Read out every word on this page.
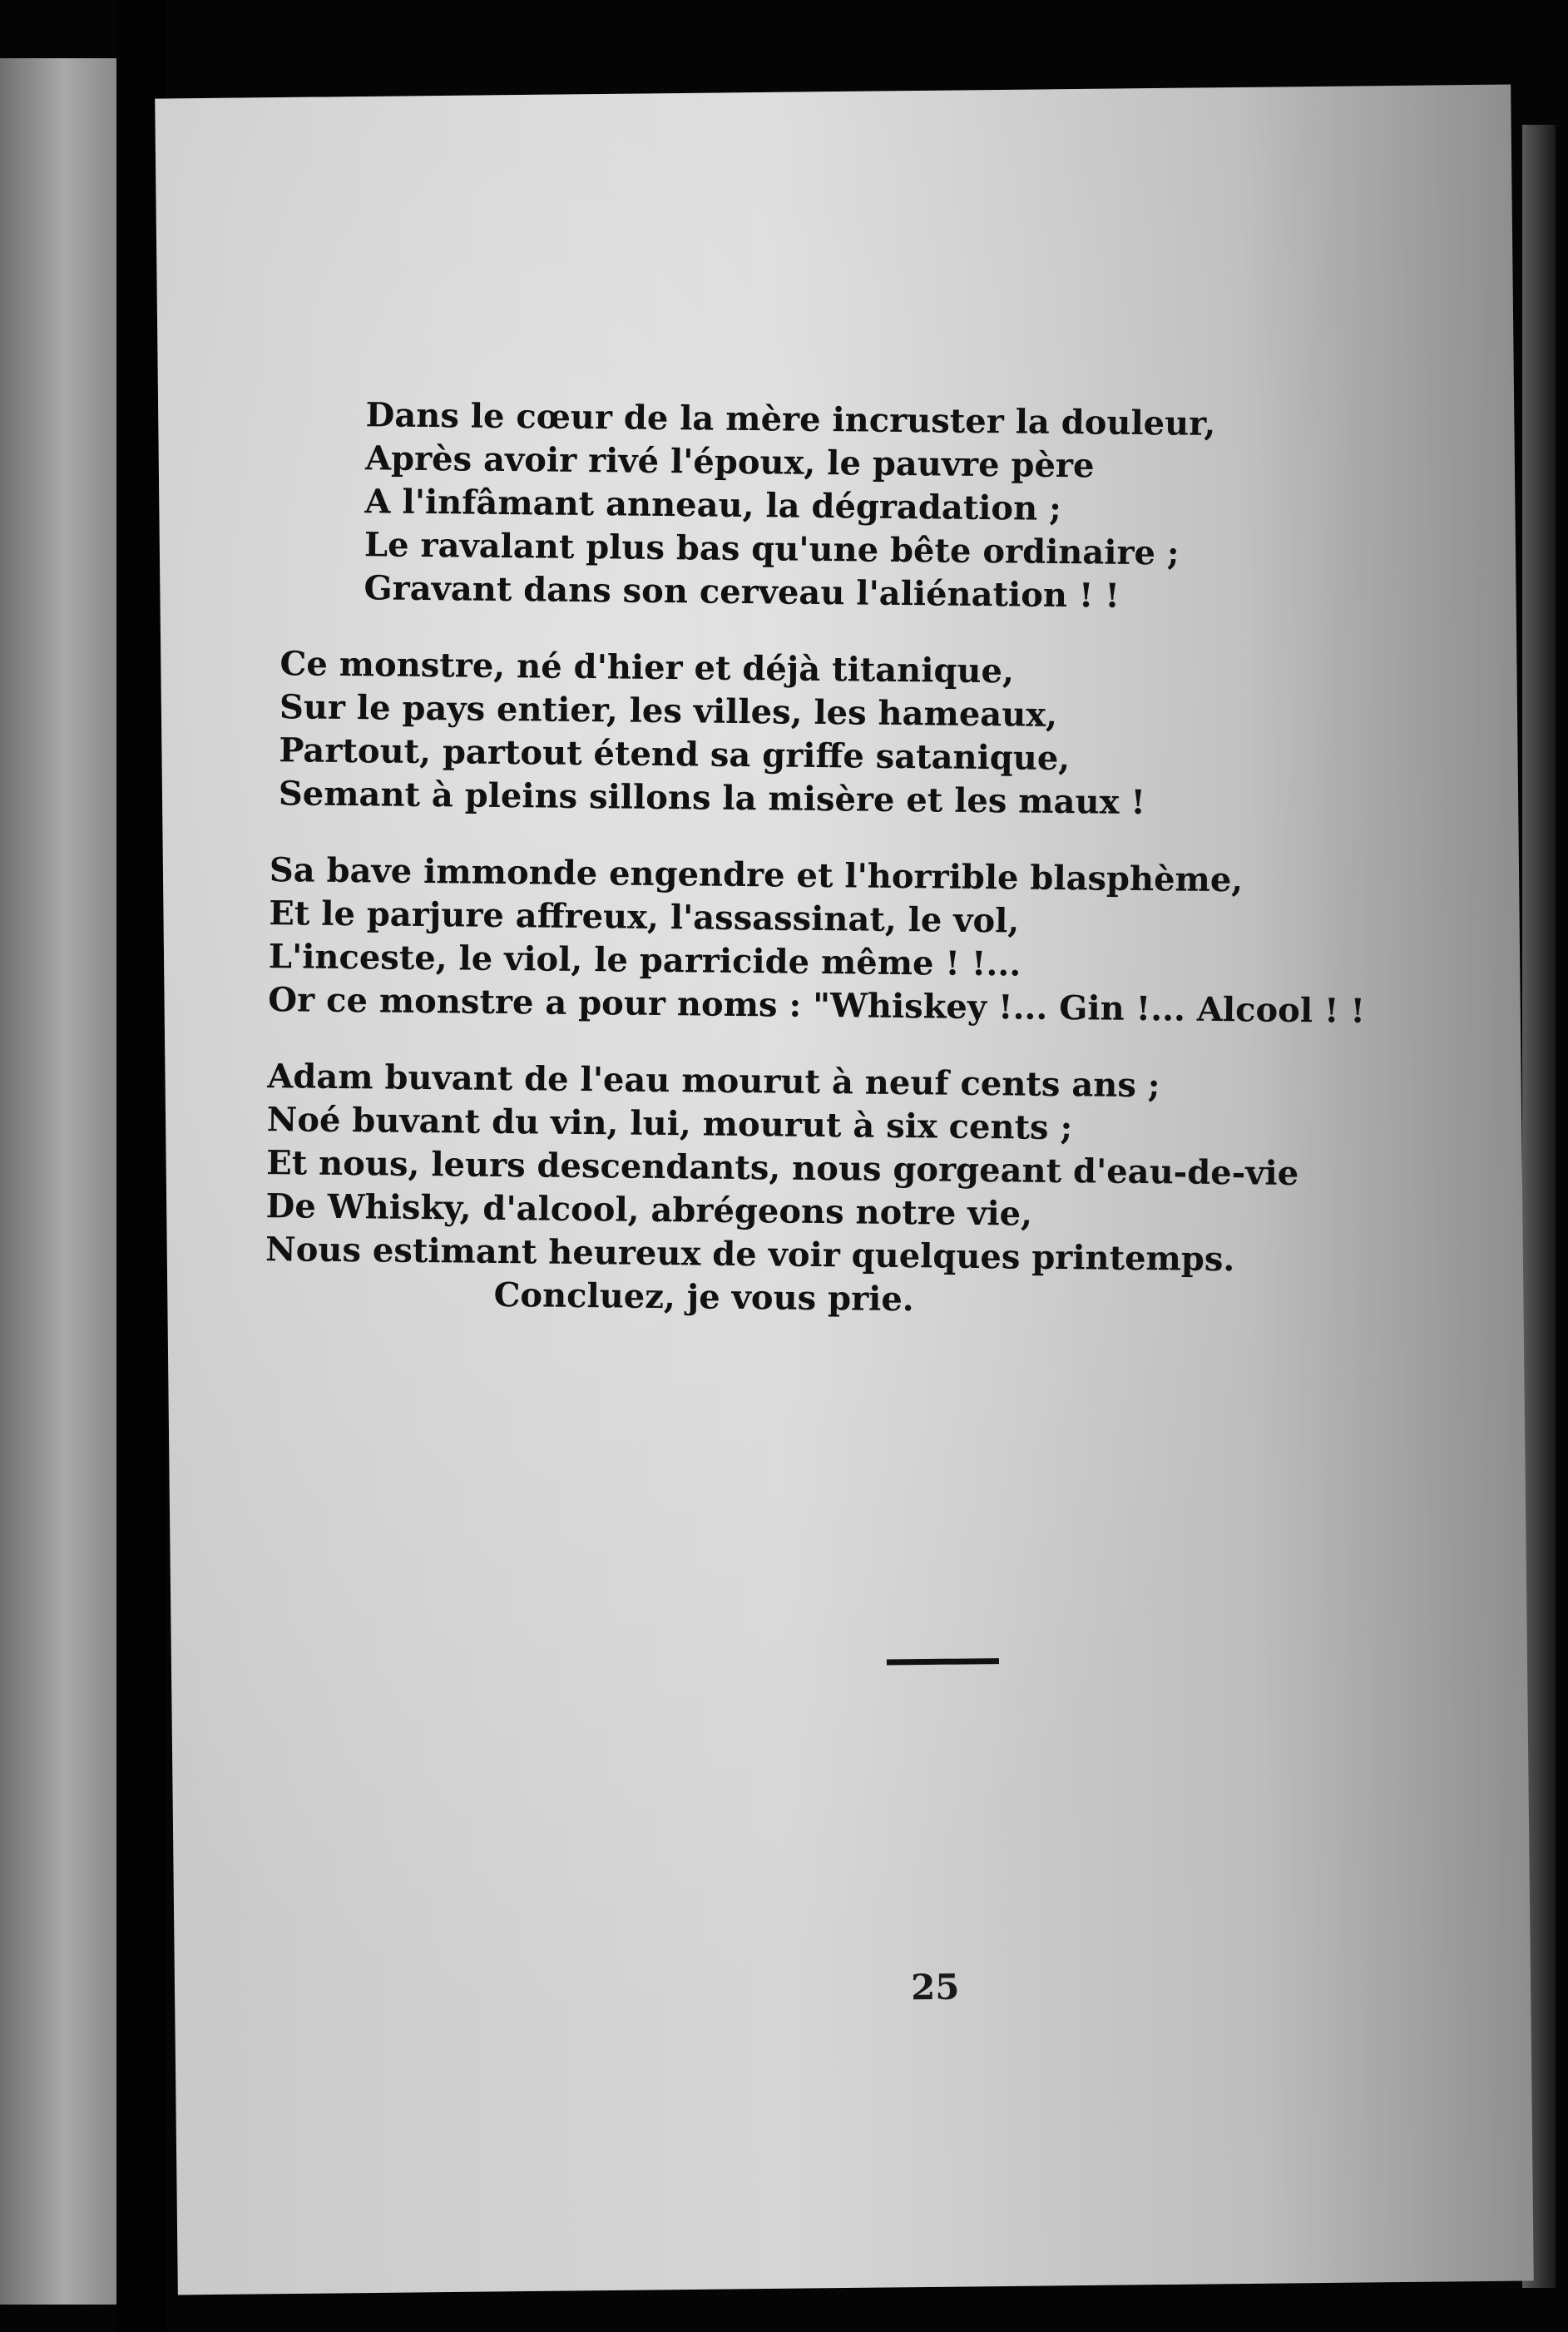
Dans le cœur de la mère incruster la douleur,
Après avoir rivé l'époux, le pauvre père
A l'infâmant anneau, la dégradation ;
Le ravalant plus bas qu'une bête ordinaire ;
Gravant dans son cerveau l'aliénation ! !
Ce monstre, né d'hier et déjà titanique,
Sur le pays entier, les villes, les hameaux,
Partout, partout étend sa griffe satanique,
Semant à pleins sillons la misère et les maux !
Sa bave immonde engendre et l'horrible blasphème,
Et le parjure affreux, l'assassinat, le vol,
L'inceste, le viol, le parricide même ! !...
Or ce monstre a pour noms : "Whiskey !... Gin !... Alcool ! !
Adam buvant de l'eau mourut à neuf cents ans ;
Noé buvant du vin, lui, mourut à six cents ;
Et nous, leurs descendants, nous gorgeant d'eau-de-vie
De Whisky, d'alcool, abrégeons notre vie,
Nous estimant heureux de voir quelques printemps.
Concluez, je vous prie.
25
